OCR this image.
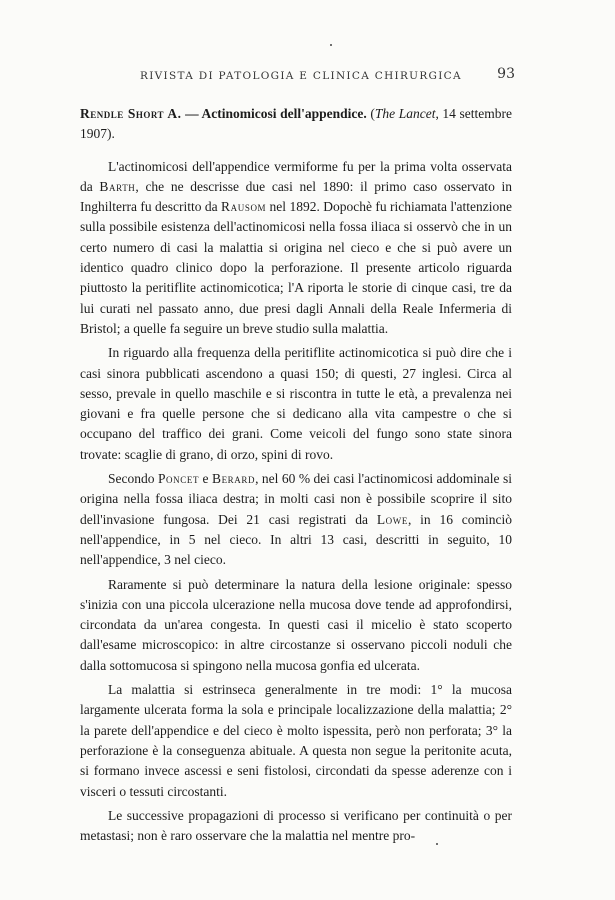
RIVISTA DI PATOLOGIA E CLINICA CHIRURGICA	93

Rendle Short A. — Actinomicosi dell'appendice. (The Lancet, 14 settembre 1907).

L'actinomicosi dell'appendice vermiforme fu per la prima volta osservata da Barth, che ne descrisse due casi nel 1890: il primo caso osservato in Inghilterra fu descritto da Rausom nel 1892. Dopochè fu richiamata l'attenzione sulla possibile esistenza dell'actinomicosi nella fossa iliaca si osservò che in un certo numero di casi la malattia si origina nel cieco e che si può avere un identico quadro clinico dopo la perforazione. Il presente articolo riguarda piuttosto la peritiflite actinomicotica; l'A riporta le storie di cinque casi, tre da lui curati nel passato anno, due presi dagli Annali della Reale Infermeria di Bristol; a quelle fa seguire un breve studio sulla malattia.

In riguardo alla frequenza della peritiflite actinomicotica si può dire che i casi sinora pubblicati ascendono a quasi 150; di questi, 27 inglesi. Circa al sesso, prevale in quello maschile e si riscontra in tutte le età, a prevalenza nei giovani e fra quelle persone che si dedicano alla vita campestre o che si occupano del traffico dei grani. Come veicoli del fungo sono state sinora trovate: scaglie di grano, di orzo, spini di rovo.

Secondo Poncet e Berard, nel 60 % dei casi l'actinomicosi addominale si origina nella fossa iliaca destra; in molti casi non è possibile scoprire il sito dell'invasione fungosa. Dei 21 casi registrati da Lowe, in 16 cominciò nell'appendice, in 5 nel cieco. In altri 13 casi, descritti in seguito, 10 nell'appendice, 3 nel cieco.

Raramente si può determinare la natura della lesione originale: spesso s'inizia con una piccola ulcerazione nella mucosa dove tende ad approfondirsi, circondata da un'area congesta. In questi casi il micelio è stato scoperto dall'esame microscopico: in altre circostanze si osservano piccoli noduli che dalla sottomucosa si spingono nella mucosa gonfia ed ulcerata.

La malattia si estrinseca generalmente in tre modi: 1° la mucosa largamente ulcerata forma la sola e principale localizzazione della malattia; 2° la parete dell'appendice e del cieco è molto ispessita, però non perforata; 3° la perforazione è la conseguenza abituale. A questa non segue la peritonite acuta, si formano invece ascessi e seni fistolosi, circondati da spesse aderenze con i visceri o tessuti circostanti.

Le successive propagazioni di processo si verificano per continuità o per metastasi; non è raro osservare che la malattia nel mentre pro-
